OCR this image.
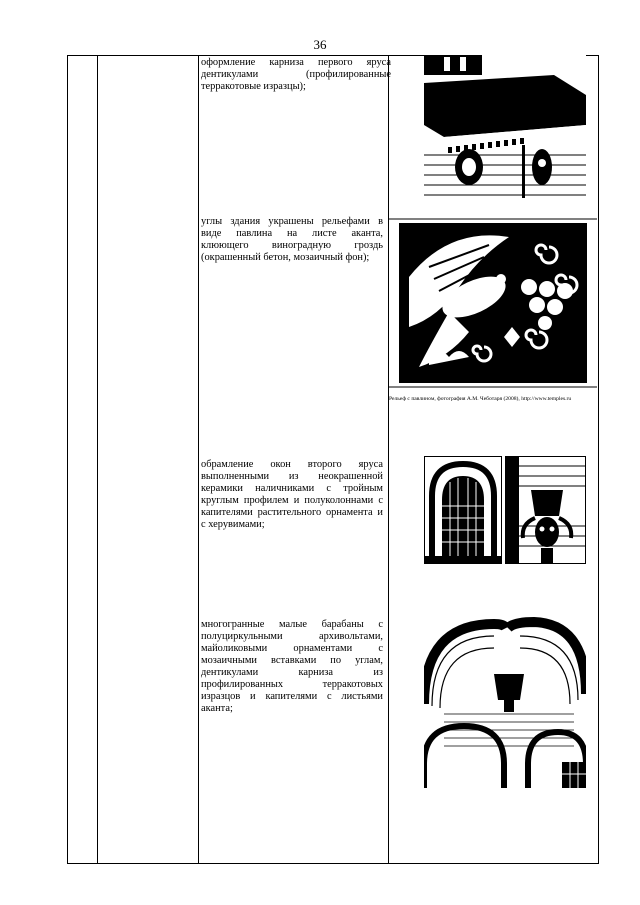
36

оформление карниза первого яруса дентикулами (профилированные терракотовые изразцы);

углы здания украшены рельефами в виде павлина на листе аканта, клюющего виноградную гроздь (окрашенный бетон, мозаичный фон);

Рельеф с павлином, фотография А.М. Чеботаря (2008), http://www.temples.ru

обрамление окон второго яруса выполненными из неокрашенной керамики наличниками с тройным круглым профилем и полуколоннами с капителями растительного орнамента и с херувимами;

многогранные малые барабаны с полуциркульными архивольтами, майоликовыми орнаментами с мозаичными вставками по углам, дентикулами карниза из профилированных терракотовых изразцов и капителями с листьями аканта;
